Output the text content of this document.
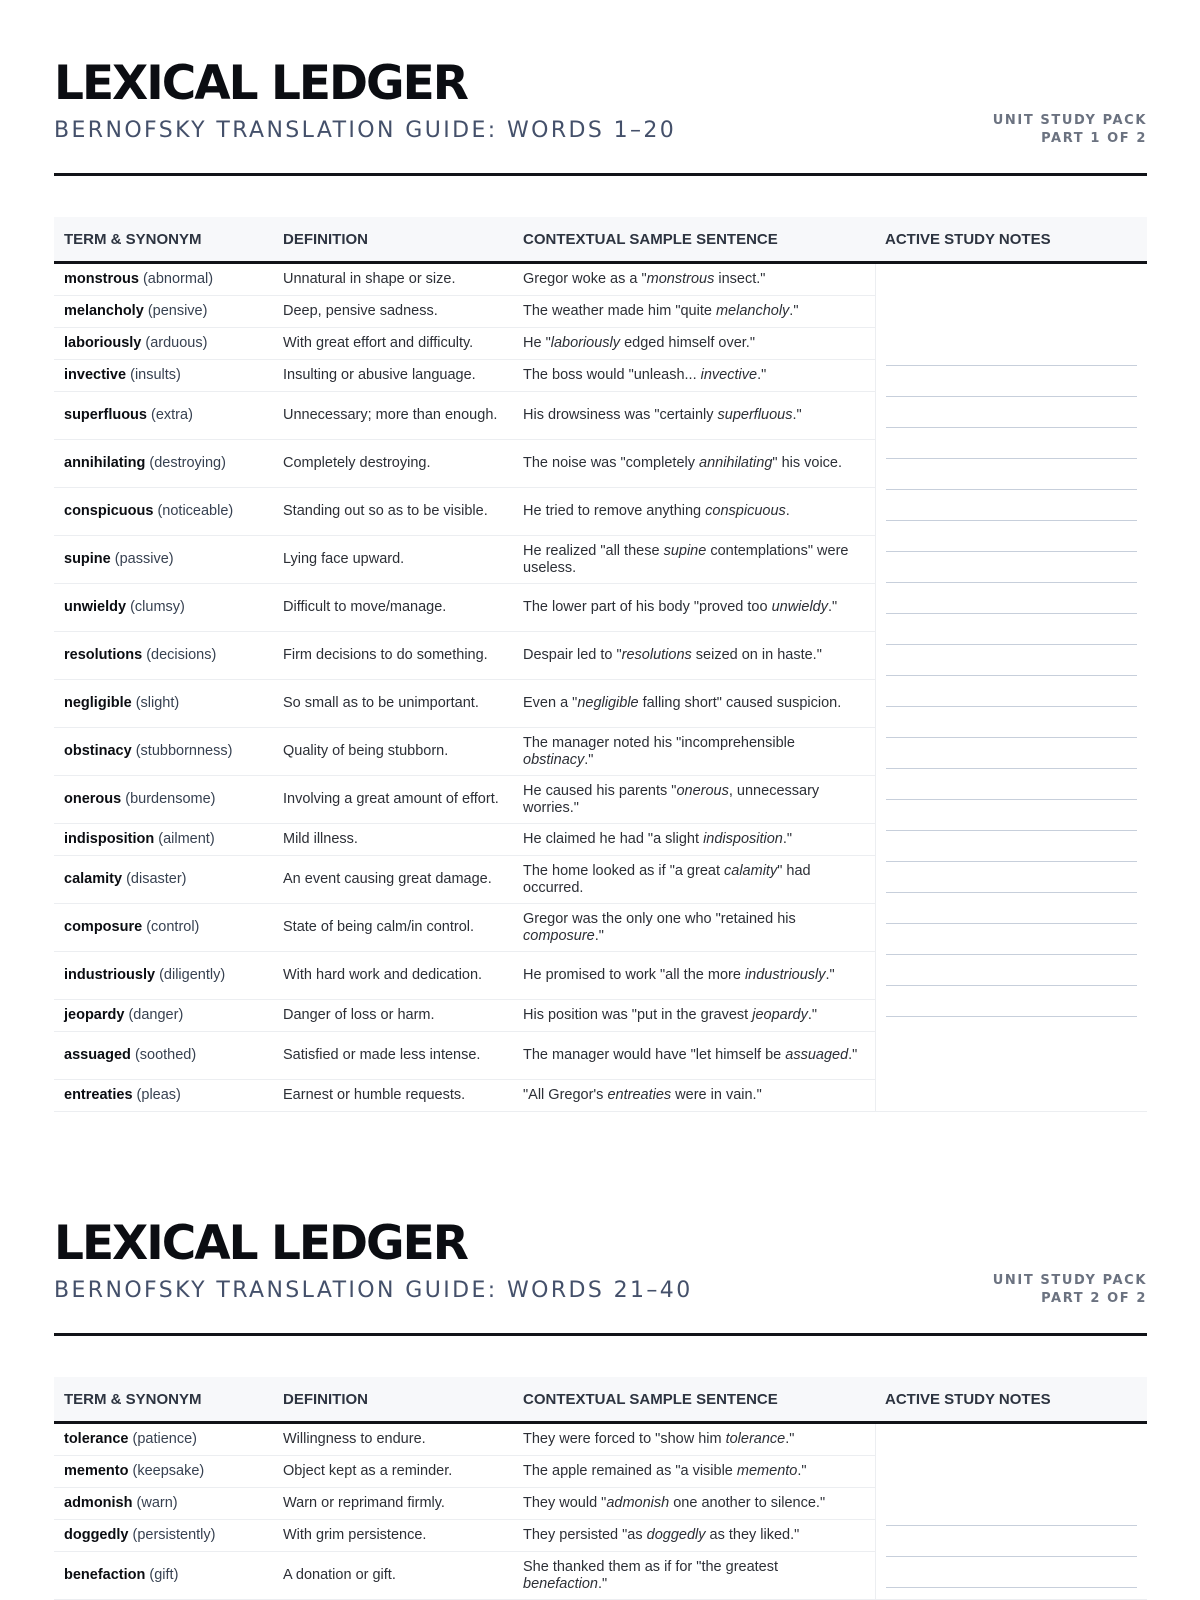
LEXICAL LEDGER
BERNOFSKY TRANSLATION GUIDE: WORDS 1–20	UNIT STUDY PACK
PART 1 OF 2
TERM & SYNONYM	DEFINITION	CONTEXTUAL SAMPLE SENTENCE	ACTIVE STUDY NOTES
monstrous (abnormal)	Unnatural in shape or size.	Gregor woke as a "monstrous insect."	

melancholy (pensive)	Deep, pensive sadness.	The weather made him "quite melancholy."	
laboriously (arduous)	With great effort and difficulty.	He "laboriously edged himself over."	
invective (insults)	Insulting or abusive language.	The boss would "unleash... invective."	
superfluous (extra)	Unnecessary; more than enough.	His drowsiness was "certainly superfluous."	
annihilating (destroying)	Completely destroying.	The noise was "completely annihilating" his voice.	
conspicuous (noticeable)	Standing out so as to be visible.	He tried to remove anything conspicuous.	
supine (passive)	Lying face upward.	He realized "all these supine contemplations" were useless.	
unwieldy (clumsy)	Difficult to move/manage.	The lower part of his body "proved too unwieldy."	
resolutions (decisions)	Firm decisions to do something.	Despair led to "resolutions seized on in haste."	
negligible (slight)	So small as to be unimportant.	Even a "negligible falling short" caused suspicion.	
obstinacy (stubbornness)	Quality of being stubborn.	The manager noted his "incomprehensible obstinacy."	
onerous (burdensome)	Involving a great amount of effort.	He caused his parents "onerous, unnecessary worries."	
indisposition (ailment)	Mild illness.	He claimed he had "a slight indisposition."	
calamity (disaster)	An event causing great damage.	The home looked as if "a great calamity" had occurred.	
composure (control)	State of being calm/in control.	Gregor was the only one who "retained his composure."	
industriously (diligently)	With hard work and dedication.	He promised to work "all the more industriously."	
jeopardy (danger)	Danger of loss or harm.	His position was "put in the gravest jeopardy."	
assuaged (soothed)	Satisfied or made less intense.	The manager would have "let himself be assuaged."	
entreaties (pleas)	Earnest or humble requests.	"All Gregor's entreaties were in vain."	
LEXICAL LEDGER
BERNOFSKY TRANSLATION GUIDE: WORDS 21–40	UNIT STUDY PACK
PART 2 OF 2
TERM & SYNONYM	DEFINITION	CONTEXTUAL SAMPLE SENTENCE	ACTIVE STUDY NOTES
tolerance (patience)	Willingness to endure.	They were forced to "show him tolerance."	

memento (keepsake)	Object kept as a reminder.	The apple remained as "a visible memento."	
admonish (warn)	Warn or reprimand firmly.	They would "admonish one another to silence."	
doggedly (persistently)	With grim persistence.	They persisted "as doggedly as they liked."	
benefaction (gift)	A donation or gift.	She thanked them as if for "the greatest benefaction."	
